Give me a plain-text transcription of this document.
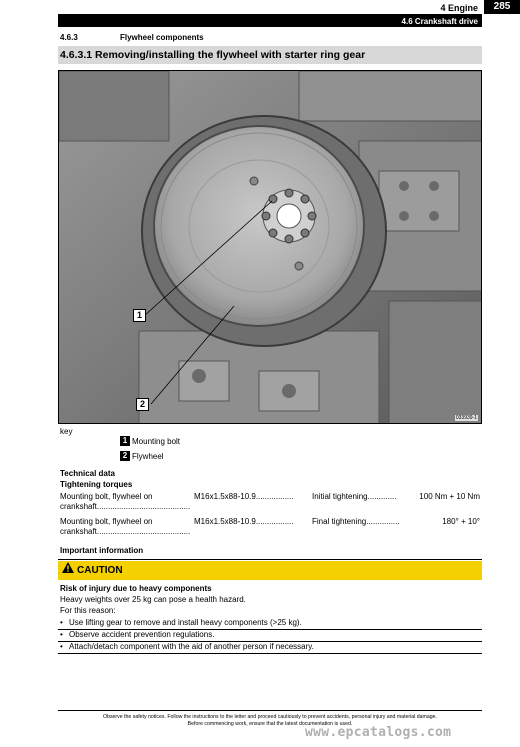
285
4 Engine
4.6 Crankshaft drive
4.6.3	Flywheel components
4.6.3.1 Removing/installing the flywheel with starter ring gear
1
2
033939-1
key
1 Mounting bolt
2 Flywheel
Technical data
Tightening torques
Mounting bolt, flywheel on
crankshaft..........................................
M16x1.5x88-10.9................. Initial tightening.............	100 Nm + 10 Nm
Mounting bolt, flywheel on
crankshaft..........................................
M16x1.5x88-10.9................. Final tightening...............	180° + 10°
Important information
CAUTION
Risk of injury due to heavy components
Heavy weights over 25 kg can pose a health hazard.
For this reason:
• Use lifting gear to remove and install heavy components (>25 kg).
• Observe accident prevention regulations.
• Attach/detach component with the aid of another person if necessary.
Observe the safety notices. Follow the instructions to the letter and proceed cautiously to prevent accidents, personal injury and material damage.
Before commencing work, ensure that the latest documentation is used.
www.epcatalogs.com
